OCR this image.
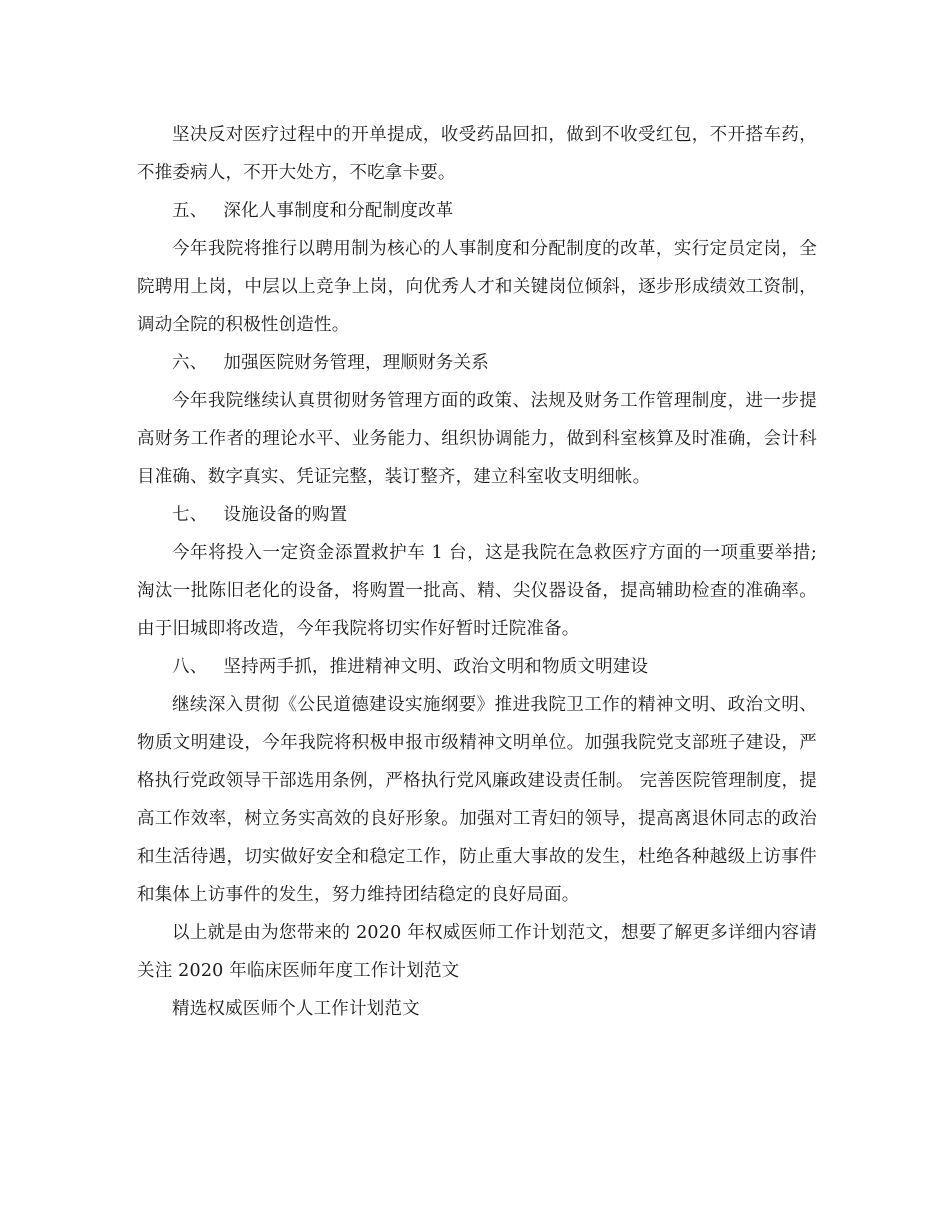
坚决反对医疗过程中的开单提成，收受药品回扣，做到不收受红包，不开搭车药，不推委病人，不开大处方，不吃拿卡要。

五、 深化人事制度和分配制度改革

今年我院将推行以聘用制为核心的人事制度和分配制度的改革，实行定员定岗，全院聘用上岗，中层以上竞争上岗，向优秀人才和关键岗位倾斜，逐步形成绩效工资制，调动全院的积极性创造性。

六、 加强医院财务管理，理顺财务关系

今年我院继续认真贯彻财务管理方面的政策、法规及财务工作管理制度，进一步提高财务工作者的理论水平、业务能力、组织协调能力，做到科室核算及时准确，会计科目准确、数字真实、凭证完整，装订整齐，建立科室收支明细帐。

七、 设施设备的购置

今年将投入一定资金添置救护车 1 台，这是我院在急救医疗方面的一项重要举措;淘汰一批陈旧老化的设备，将购置一批高、精、尖仪器设备，提高辅助检查的准确率。由于旧城即将改造，今年我院将切实作好暂时迁院准备。

八、 坚持两手抓，推进精神文明、政治文明和物质文明建设

继续深入贯彻《公民道德建设实施纲要》推进我院卫工作的精神文明、政治文明、物质文明建设，今年我院将积极申报市级精神文明单位。加强我院党支部班子建设，严格执行党政领导干部选用条例，严格执行党风廉政建设责任制。 完善医院管理制度，提高工作效率，树立务实高效的良好形象。加强对工青妇的领导，提高离退休同志的政治和生活待遇，切实做好安全和稳定工作，防止重大事故的发生，杜绝各种越级上访事件和集体上访事件的发生，努力维持团结稳定的良好局面。

以上就是由为您带来的 2020 年权威医师工作计划范文，想要了解更多详细内容请关注 2020 年临床医师年度工作计划范文

精选权威医师个人工作计划范文
